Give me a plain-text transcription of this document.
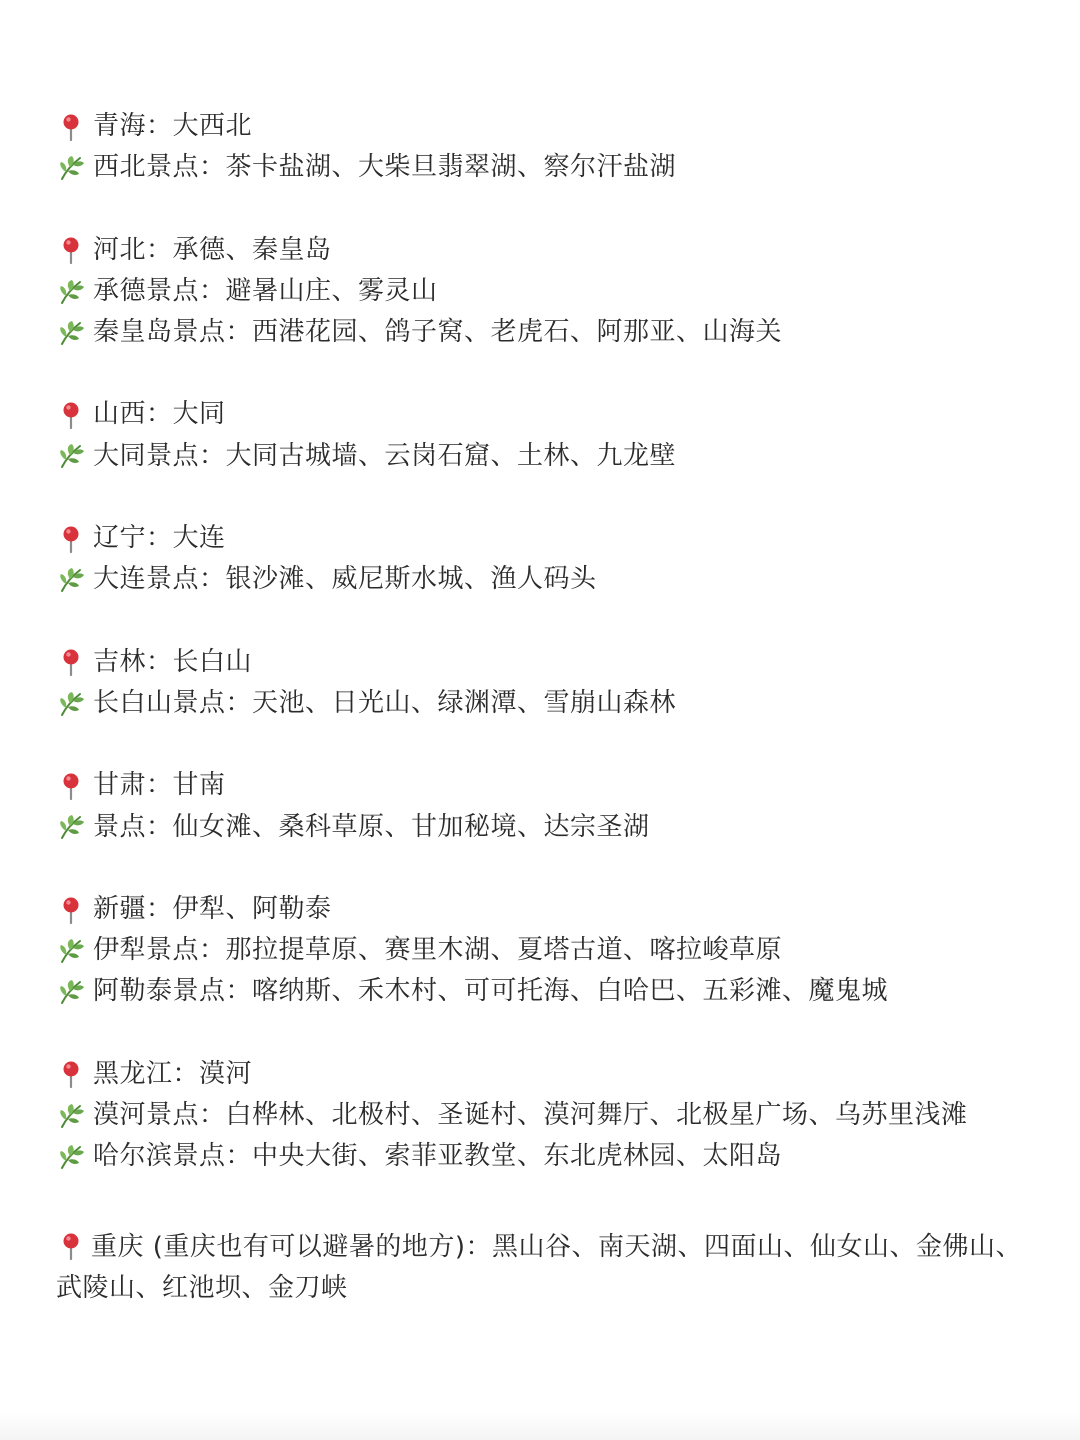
青海：大西北
西北景点：茶卡盐湖、大柴旦翡翠湖、察尔汗盐湖
河北：承德、秦皇岛
承德景点：避暑山庄、雾灵山
秦皇岛景点：西港花园、鸽子窝、老虎石、阿那亚、山海关
山西：大同
大同景点：大同古城墙、云岗石窟、土林、九龙壁
辽宁：大连
大连景点：银沙滩、威尼斯水城、渔人码头
吉林：长白山
长白山景点：天池、日光山、绿渊潭、雪崩山森林
甘肃：甘南
景点：仙女滩、桑科草原、甘加秘境、达宗圣湖
新疆：伊犁、阿勒泰
伊犁景点：那拉提草原、赛里木湖、夏塔古道、喀拉峻草原
阿勒泰景点：喀纳斯、禾木村、可可托海、白哈巴、五彩滩、魔鬼城
黑龙江：漠河
漠河景点：白桦林、北极村、圣诞村、漠河舞厅、北极星广场、乌苏里浅滩
哈尔滨景点：中央大街、索菲亚教堂、东北虎林园、太阳岛
重庆 (重庆也有可以避暑的地方)：黑山谷、南天湖、四面山、仙女山、金佛山、武陵山、红池坝、金刀峡
